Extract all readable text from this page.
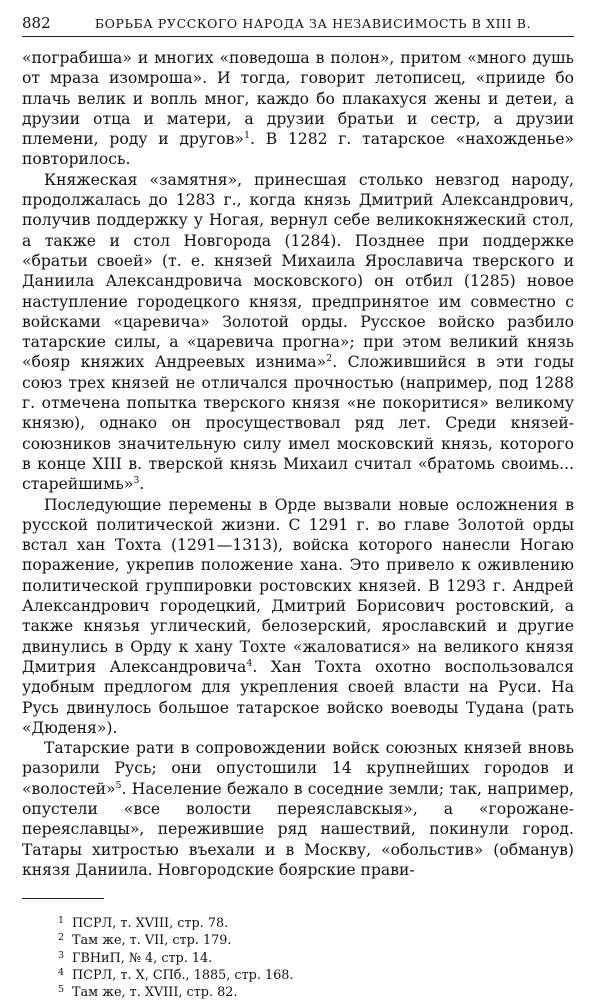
882	БОРЬБА РУССКОГО НАРОДА ЗА НЕЗАВИСИМОСТЬ В XIII В.

«пограбиша» и многих «поведоша в полон», притом «много душь от мраза изомроша». И тогда, говорит летописец, «прииде бо плачь велик и вопль мног, каждо бо плакахуся жены и детеи, а друзии отца и матери, а друзии братьи и сестр, а друзии племени, роду и другов»$^1$. В 1282 г. татарское «нахожденье» повторилось.

Княжеская «замятня», принесшая столько невзгод народу, продолжалась до 1283 г., когда князь Дмитрий Александрович, получив поддержку у Ногая, вернул себе великокняжеский стол, а также и стол Новгорода (1284). Позднее при поддержке «братьи своей» (т. е. князей Михаила Ярославича тверского и Даниила Александровича московского) он отбил (1285) новое наступление городецкого князя, предпринятое им совместно с войсками «царевича» Золотой орды. Русское войско разбило татарские силы, а «царевича прогна»; при этом великий князь «бояр княжих Андреевых изнима»$^2$. Сложившийся в эти годы союз трех князей не отличался прочностью (например, под 1288 г. отмечена попытка тверского князя «не покоритися» великому князю), однако он просуществовал ряд лет. Среди князей-союзников значительную силу имел московский князь, которого в конце XIII в. тверской князь Михаил считал «братомь своимь... старейшимь»$^3$.

Последующие перемены в Орде вызвали новые осложнения в русской политической жизни. С 1291 г. во главе Золотой орды встал хан Тохта (1291—1313), войска которого нанесли Ногаю поражение, укрепив положение хана. Это привело к оживлению политической группировки ростовских князей. В 1293 г. Андрей Александрович городецкий, Дмитрий Борисович ростовский, а также князья углический, белозерский, ярославский и другие двинулись в Орду к хану Тохте «жаловатися» на великого князя Дмитрия Александровича$^4$. Хан Тохта охотно воспользовался удобным предлогом для укрепления своей власти на Руси. На Русь двинулось большое татарское войско воеводы Тудана (рать «Дюденя»).

Татарские рати в сопровождении войск союзных князей вновь разорили Русь; они опустошили 14 крупнейших городов и «волостей»$^5$. Население бежало в соседние земли; так, например, опустели «все волости переяславскыя», а «горожане-переяславцы», пережившие ряд нашествий, покинули город. Татары хитростью въехали и в Москву, «обольстив» (обманув) князя Даниила. Новгородские боярские прави-

1 ПСРЛ, т. XVIII, стр. 78.
2 Там же, т. VII, стр. 179.
3 ГВНиП, № 4, стр. 14.
4 ПСРЛ, т. X, СПб., 1885, стр. 168.
5 Там же, т. XVIII, стр. 82.
